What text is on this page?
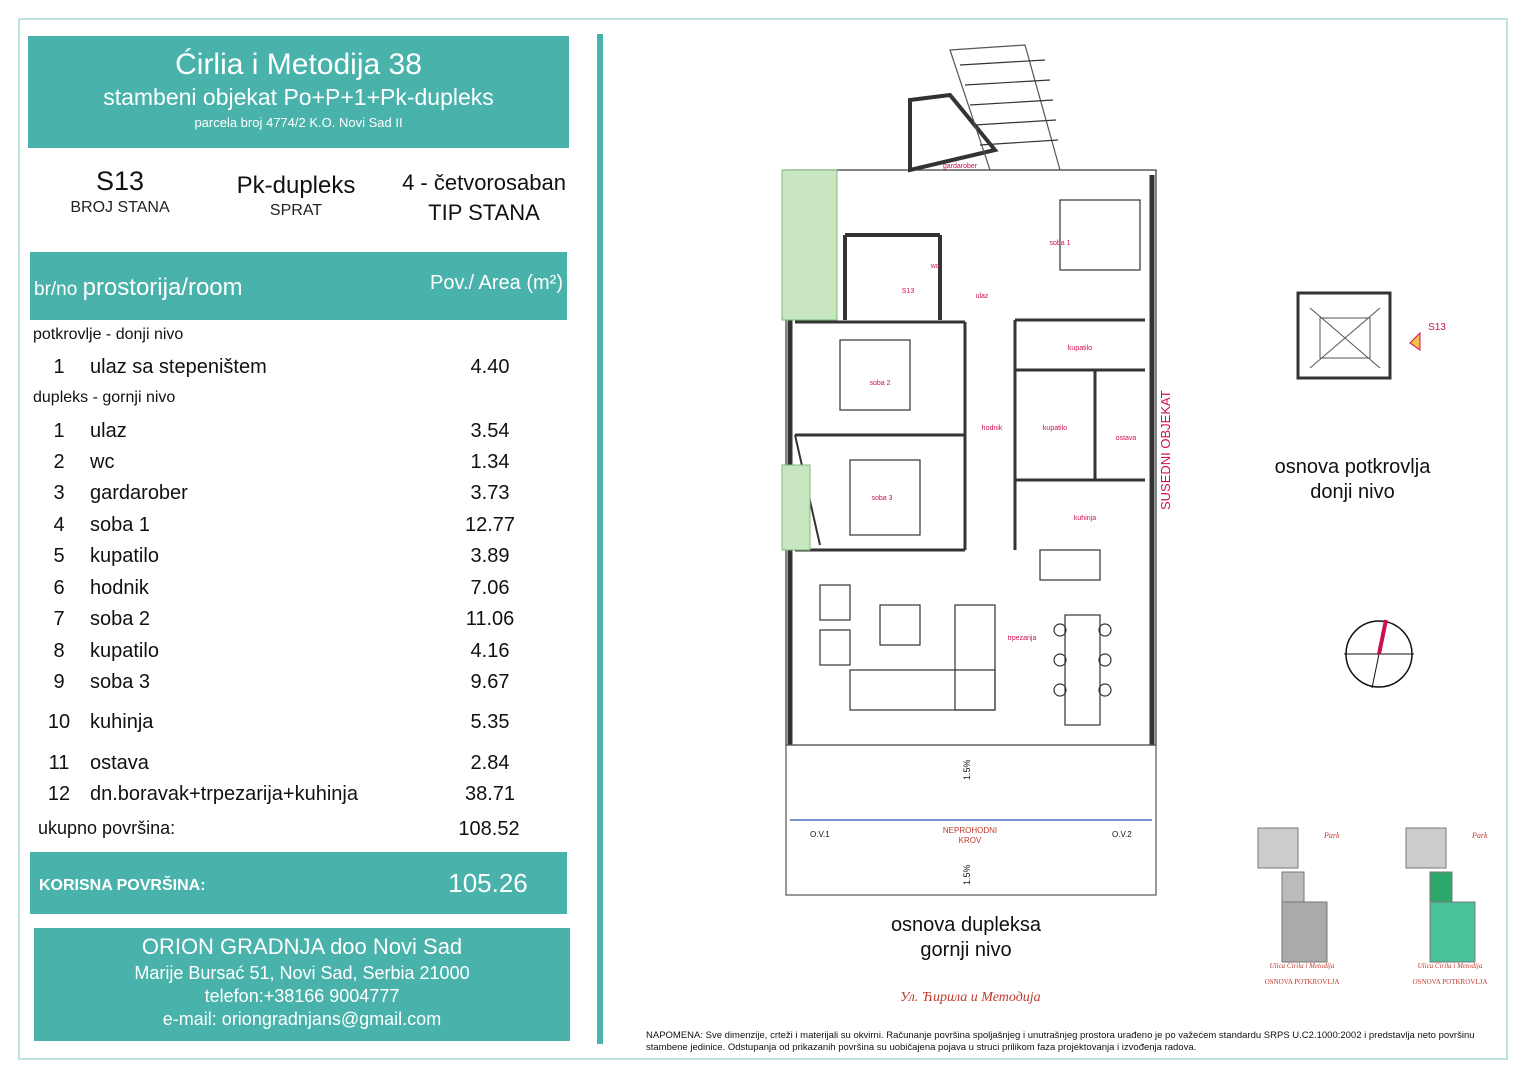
Ćirlia i Metodija 38
stambeni objekat Po+P+1+Pk-dupleks
parcela broj 4774/2 K.O. Novi Sad II
S13
BROJ STANA
Pk-dupleks
SPRAT
4 - četvorosaban
TIP STANA
br/no prostorija/room	Pov./ Area (m²)
potkrovlje - donji nivo
1	ulaz sa stepeništem	4.40
dupleks - gornji nivo
1	ulaz	3.54
2	wc	1.34
3	gardarober	3.73
4	soba 1	12.77
5	kupatilo	3.89
6	hodnik	7.06
7	soba 2	11.06
8	kupatilo	4.16
9	soba 3	9.67
10 kuhinja	5.35
11	ostava	2.84
12 dn.boravak+trpezarija+kuhinja	38.71
ukupno površina:	108.52
KORISNA POVRŠINA:	105.26
ORION GRADNJA doo Novi Sad
Marije Bursać 51, Novi Sad, Serbia 21000
telefon:+38166 9004777
e-mail: oriongradnjans@gmail.com
gardarober
soba 1
ulaz
wc
soba 2
hodnik
kupatilo
kupatilo
ostava
soba 3
kuhinja
trpezarija
S13
NEPROHODNI
KROV
O.V.1	O.V.2
SUSEDNI OBJEKAT
1.5%
1.5%
osnova dupleksa
gornji nivo
Ул. Ћирила и Методија
S13
osnova potkrovlja
donji nivo
Park
Ulica Ćirila i Metodija
OSNOVA POTKROVLJA
Park
Ulica Ćirila i Metodija
OSNOVA POTKROVLJA
NAPOMENA: Sve dimenzije, crteži i materijali su okvirni. Računanje površina spoljašnjeg i unutrašnjeg prostora urađeno je po važećem standardu SRPS U.C2.1000:2002 i predstavlja neto površinu stambene jedinice. Odstupanja od prikazanih površina su uobičajena pojava u struci prilikom faza projektovanja i izvođenja radova.
